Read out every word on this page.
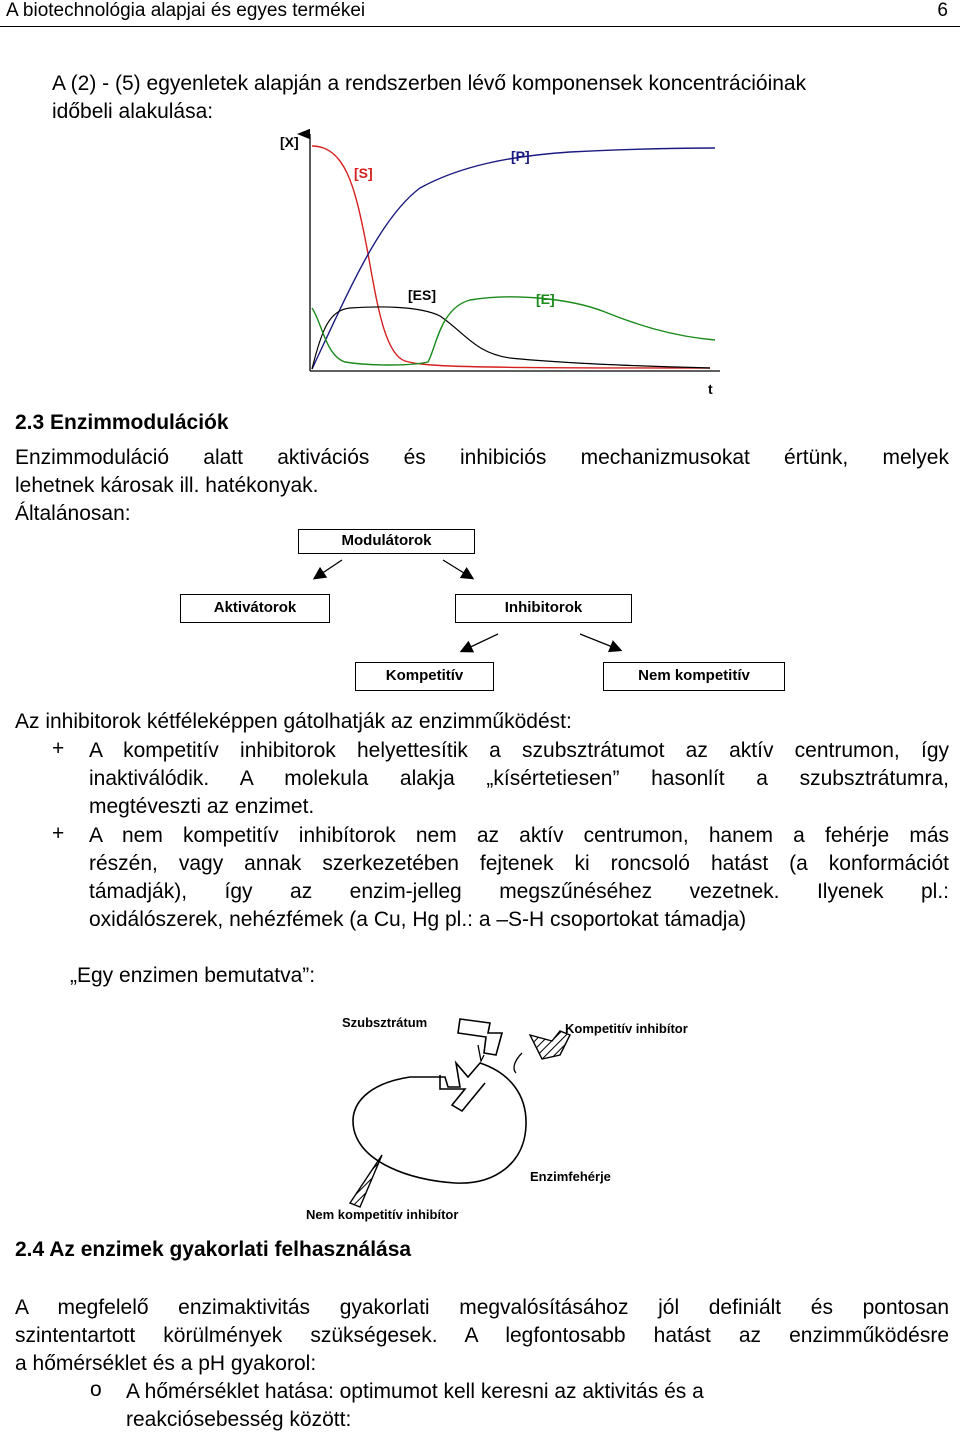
A biotechnológia alapjai és egyes termékei	6
A (2) - (5) egyenletek alapján a rendszerben lévő komponensek koncentrációinak
időbeli alakulása:
[X]
t
[S]
[P]
[ES]	[E]
2.3 Enzimmodulációk
Enzimmoduláció alatt aktivációs és inhibiciós mechanizmusokat értünk, melyek
lehetnek károsak ill. hatékonyak.
Általánosan:
Modulátorok
Aktivátorok	Inhibitorok
Kompetitív	Nem kompetitív
Az inhibitorok kétféleképpen gátolhatják az enzimműködést:
+ A kompetitív inhibitorok helyettesítik a szubsztrátumot az aktív centrumon, így
inaktiválódik. A molekula alakja „kísértetiesen” hasonlít a szubsztrátumra,
megtéveszti az enzimet.
+ A nem kompetitív inhibítorok nem az aktív centrumon, hanem a fehérje más
részén, vagy annak szerkezetében fejtenek ki roncsoló hatást (a konformációt
támadják), így az enzim-jelleg megszűnéséhez vezetnek. Ilyenek pl.:
oxidálószerek, nehézfémek (a Cu, Hg pl.: a –S-H csoportokat támadja)
„Egy enzimen bemutatva”:
Szubsztrátum	Kompetitív inhibítor
Enzimfehérje
Nem kompetitív inhibítor
2.4 Az enzimek gyakorlati felhasználása
A megfelelő enzimaktivitás gyakorlati megvalósításához jól definiált és pontosan
szintentartott körülmények szükségesek. A legfontosabb hatást az enzimműködésre
a hőmérséklet és a pH gyakorol:
o A hőmérséklet hatása: optimumot kell keresni az aktivitás és a
reakciósebesség között:
